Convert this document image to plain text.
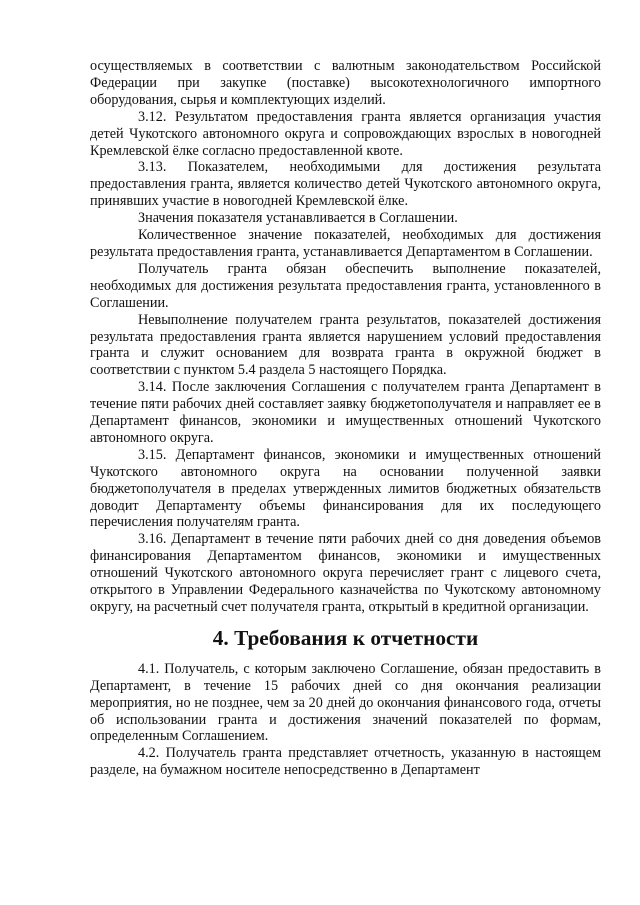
осуществляемых в соответствии с валютным законодательством Российской Федерации при закупке (поставке) высокотехнологичного импортного оборудования, сырья и комплектующих изделий.

3.12. Результатом предоставления гранта является организация участия детей Чукотского автономного округа и сопровождающих взрослых в новогодней Кремлевской ёлке согласно предоставленной квоте.

3.13. Показателем, необходимыми для достижения результата предоставления гранта, является количество детей Чукотского автономного округа, принявших участие в новогодней Кремлевской ёлке.

Значения показателя устанавливается в Соглашении.

Количественное значение показателей, необходимых для достижения результата предоставления гранта, устанавливается Департаментом в Соглашении.

Получатель гранта обязан обеспечить выполнение показателей, необходимых для достижения результата предоставления гранта, установленного в Соглашении.

Невыполнение получателем гранта результатов, показателей достижения результата предоставления гранта является нарушением условий предоставления гранта и служит основанием для возврата гранта в окружной бюджет в соответствии с пунктом 5.4 раздела 5 настоящего Порядка.

3.14. После заключения Соглашения с получателем гранта Департамент в течение пяти рабочих дней составляет заявку бюджетополучателя и направляет ее в Департамент финансов, экономики и имущественных отношений Чукотского автономного округа.

3.15. Департамент финансов, экономики и имущественных отношений Чукотского автономного округа на основании полученной заявки бюджетополучателя в пределах утвержденных лимитов бюджетных обязательств доводит Департаменту объемы финансирования для их последующего перечисления получателям гранта.

3.16. Департамент в течение пяти рабочих дней со дня доведения объемов финансирования Департаментом финансов, экономики и имущественных отношений Чукотского автономного округа перечисляет грант с лицевого счета, открытого в Управлении Федерального казначейства по Чукотскому автономному округу, на расчетный счет получателя гранта, открытый в кредитной организации.

4. Требования к отчетности

4.1. Получатель, с которым заключено Соглашение, обязан предоставить в Департамент, в течение 15 рабочих дней со дня окончания реализации мероприятия, но не позднее, чем за 20 дней до окончания финансового года, отчеты об использовании гранта и достижения значений показателей по формам, определенным Соглашением.

4.2. Получатель гранта представляет отчетность, указанную в настоящем разделе, на бумажном носителе непосредственно в Департамент
